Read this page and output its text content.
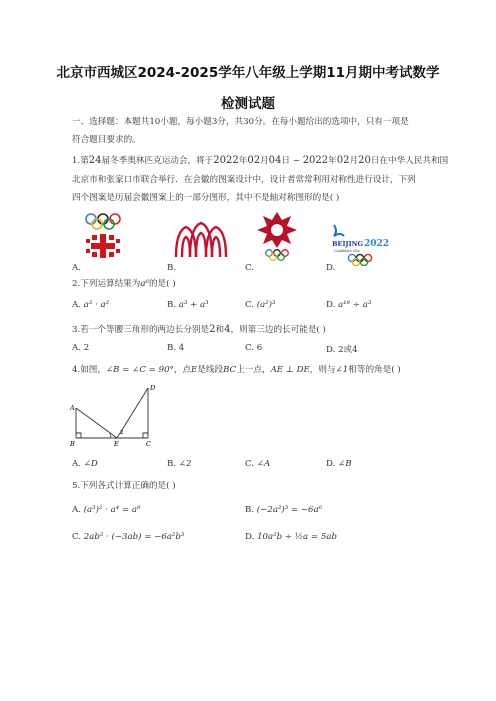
北京市西城区2024-2025学年八年级上学期11月期中考试数学
检测试题
一、选择题：本题共10小题，每小题3分，共30分。在每小题给出的选项中，只有一项是
符合题目要求的。
1.第24届冬季奥林匹克运动会，将于2022年02月04日 ~ 2022年02月20日在中华人民共和国
北京市和张家口市联合举行．在会徽的图案设计中，设计者常常利用对称性进行设计，下列
四个图案是历届会徽图案上的一部分图形，其中不是轴对称图形的是( )
BEIJING 2022
Candidate City
A.	B.	C.	D.
2.下列运算结果为a⁶的是( )
A. a³ · a²	B. a³ + a³	C. (a²)³	D. a¹⁸ ÷ a³
3.若一个等腰三角形的两边长分别是2和4，则第三边的长可能是( )
A. 2	B. 4	C. 6	D. 2或4
4.如图，∠B = ∠C = 90°，点E是线段BC上一点，AE ⊥ DE，则与∠1相等的角是( )
A
B	E	C
D
1 2
A. ∠D	B. ∠2	C. ∠A	D. ∠B
5.下列各式计算正确的是( )
A. (a³)² · a⁴ = a⁹	B. (−2a²)³ = −6a⁶
C. 2ab² · (−3ab) = −6a²b³	D. 10a²b ÷ ½a = 5ab
